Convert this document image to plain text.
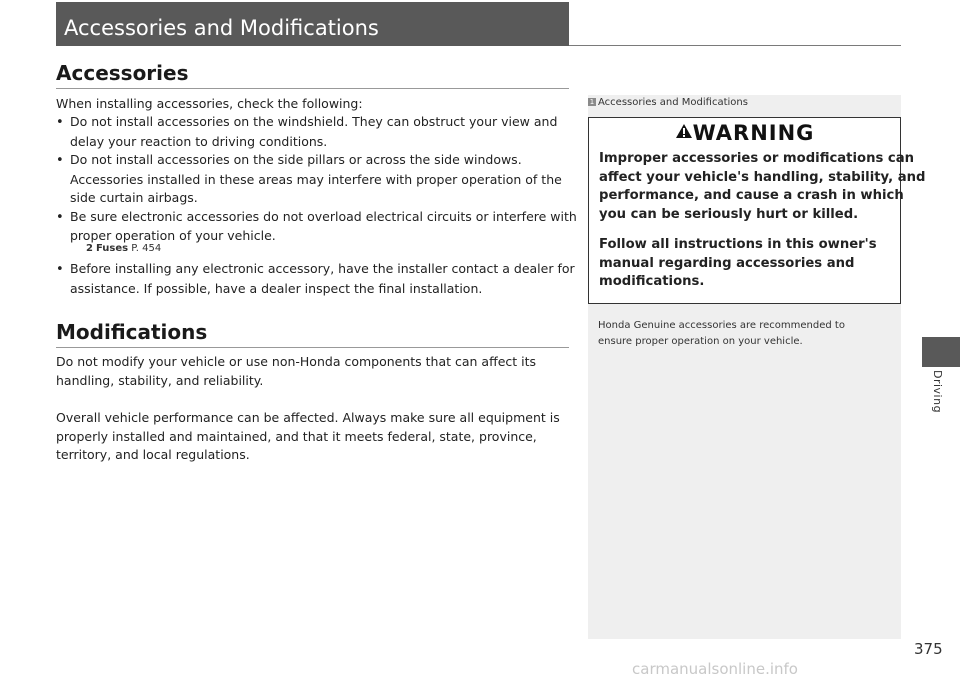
Accessories and Modifications
Accessories

When installing accessories, check the following:

• Do not install accessories on the windshield. They can obstruct your view and
delay your reaction to driving conditions.
• Do not install accessories on the side pillars or across the side windows.
Accessories installed in these areas may interfere with proper operation of the
side curtain airbags.
• Be sure electronic accessories do not overload electrical circuits or interfere with
proper operation of your vehicle.
2 Fuses P. 454
• Before installing any electronic accessory, have the installer contact a dealer for
assistance. If possible, have a dealer inspect the final installation.
Modifications

Do not modify your vehicle or use non-Honda components that can affect its
handling, stability, and reliability.

Overall vehicle performance can be affected. Always make sure all equipment is
properly installed and maintained, and that it meets federal, state, province,
territory, and local regulations.

1 Accessories and Modifications
WARNING

Improper accessories or modifications can
affect your vehicle's handling, stability, and
performance, and cause a crash in which
you can be seriously hurt or killed.

Follow all instructions in this owner's
manual regarding accessories and
modifications.

Honda Genuine accessories are recommended to
ensure proper operation on your vehicle.

Driving
375
carmanualsonline.info
